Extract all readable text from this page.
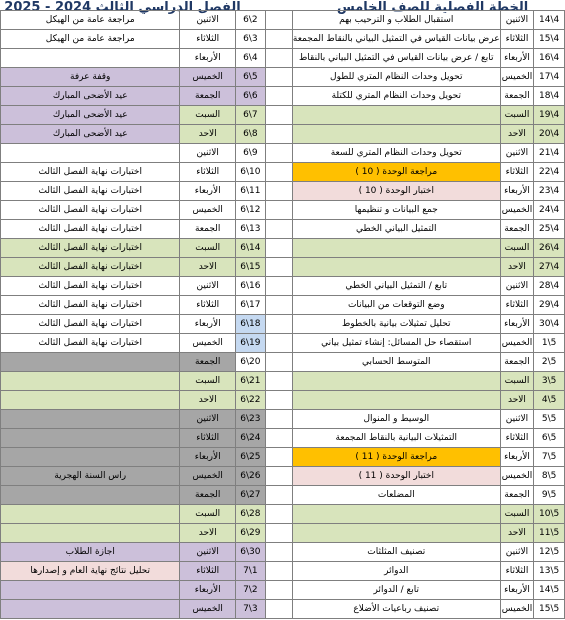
الفصل الدراسي الثالث 2024 - 2025	الخطة الفصلية للصف الخامس
مراجعة عامة من الهيكل	الاثنين	6\2		استقبال الطلاب و الترحيب بهم	الاثنين	14\4
مراجعة عامة من الهيكل	الثلاثاء	6\3		عرض بيانات القياس في التمثيل البياني بالنقاط المجمعة	الثلاثاء	15\4
	الأربعاء	6\4		تابع / عرض بيانات القياس في التمثيل البياني بالنقاط	الأربعاء	16\4
وقفة عرفة	الخميس	6\5		تحويل وحدات النظام المتري للطول	الخميس	17\4
عيد الأضحى المبارك	الجمعة	6\6		تحويل وحدات النظام المتري للكتلة	الجمعة	18\4
عيد الأضحى المبارك	السبت	6\7			السبت	19\4
عيد الأضحى المبارك	الاحد	6\8			الاحد	20\4
	الاثنين	6\9		تحويل وحدات النظام المتري للسعة	الاثنين	21\4
اختبارات نهاية الفصل الثالث	الثلاثاء	6\10		مراجعة الوحدة ( 10 )	الثلاثاء	22\4
اختبارات نهاية الفصل الثالث	الأربعاء	6\11		اختبار الوحدة ( 10 )	الأربعاء	23\4
اختبارات نهاية الفصل الثالث	الخميس	6\12		جمع البيانات و تنظيمها	الخميس	24\4
اختبارات نهاية الفصل الثالث	الجمعة	6\13		التمثيل البياني الخطي	الجمعة	25\4
اختبارات نهاية الفصل الثالث	السبت	6\14			السبت	26\4
اختبارات نهاية الفصل الثالث	الاحد	6\15			الاحد	27\4
اختبارات نهاية الفصل الثالث	الاثنين	6\16		تابع / التمثيل البياني الخطي	الاثنين	28\4
اختبارات نهاية الفصل الثالث	الثلاثاء	6\17		وضع التوقعات من البيانات	الثلاثاء	29\4
اختبارات نهاية الفصل الثالث	الأربعاء	6\18		تحليل تمثيلات بيانية بالخطوط	الأربعاء	30\4
اختبارات نهاية الفصل الثالث	الخميس	6\19		استقصاء حل المسائل: إنشاء تمثيل بياني	الخميس	1\5
	الجمعة	6\20		المتوسط الحسابي	الجمعة	2\5
	السبت	6\21			السبت	3\5
	الاحد	6\22			الاحد	4\5
	الاثنين	6\23		الوسيط و المنوال	الاثنين	5\5
	الثلاثاء	6\24		التمثيلات البيانية بالنقاط المجمعة	الثلاثاء	6\5
	الأربعاء	6\25		مراجعة الوحدة ( 11 )	الأربعاء	7\5
راس السنة الهجرية	الخميس	6\26		اختبار الوحدة ( 11 )	الخميس	8\5
	الجمعة	6\27		المضلعات	الجمعة	9\5
	السبت	6\28			السبت	10\5
	الاحد	6\29			الاحد	11\5
اجازة الطلاب	الاثنين	6\30		تصنيف المثلثات	الاثنين	12\5
تحليل نتائج نهاية العام و إصدارها	الثلاثاء	7\1		الدوائر	الثلاثاء	13\5
	الأربعاء	7\2		تابع / الدوائر	الأربعاء	14\5
	الخميس	7\3		تصنيف رباعيات الأضلاع	الخميس	15\5
